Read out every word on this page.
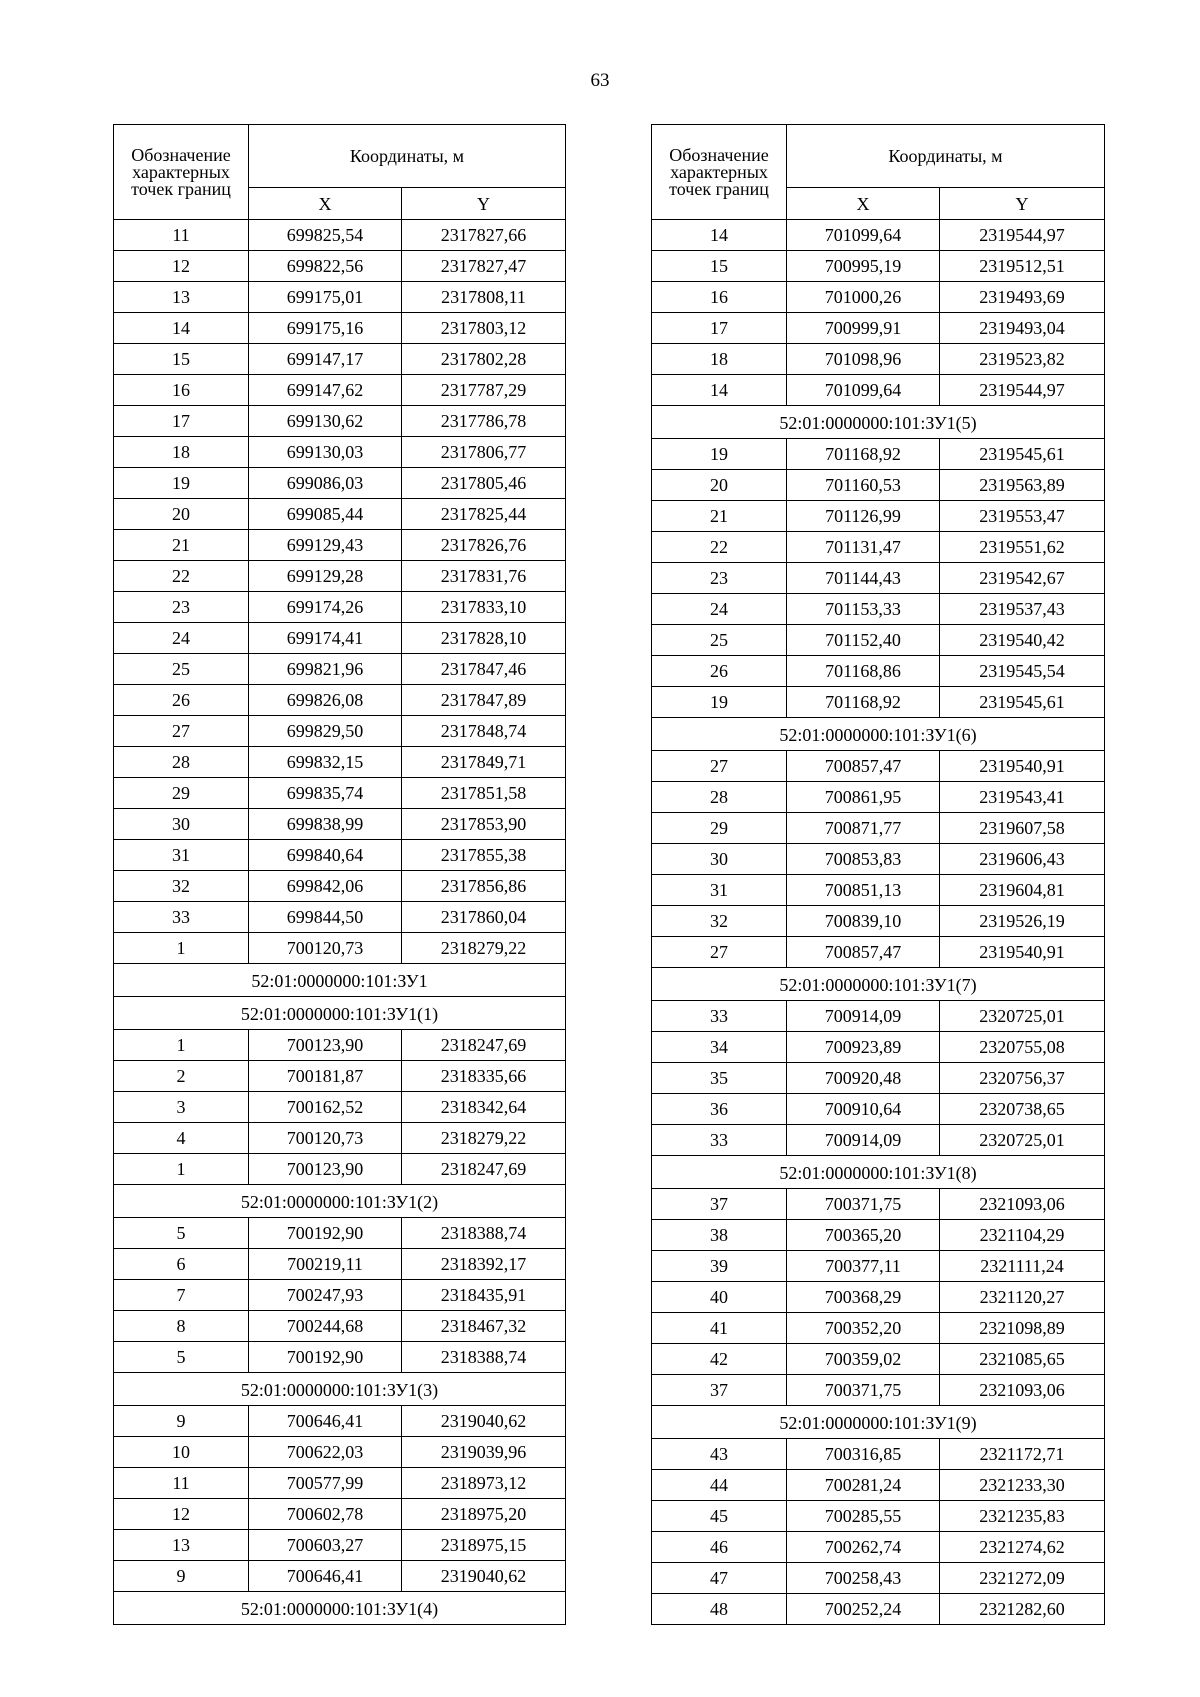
63
Обозначение характерных точек границ	Координаты, м	
	X	Y
11	699825,54	2317827,66
12	699822,56	2317827,47
13	699175,01	2317808,11
14	699175,16	2317803,12
15	699147,17	2317802,28
16	699147,62	2317787,29
17	699130,62	2317786,78
18	699130,03	2317806,77
19	699086,03	2317805,46
20	699085,44	2317825,44
21	699129,43	2317826,76
22	699129,28	2317831,76
23	699174,26	2317833,10
24	699174,41	2317828,10
25	699821,96	2317847,46
26	699826,08	2317847,89
27	699829,50	2317848,74
28	699832,15	2317849,71
29	699835,74	2317851,58
30	699838,99	2317853,90
31	699840,64	2317855,38
32	699842,06	2317856,86
33	699844,50	2317860,04
1	700120,73	2318279,22
52:01:0000000:101:ЗУ1		
52:01:0000000:101:ЗУ1(1)		
1	700123,90	2318247,69
2	700181,87	2318335,66
3	700162,52	2318342,64
4	700120,73	2318279,22
1	700123,90	2318247,69
52:01:0000000:101:ЗУ1(2)		
5	700192,90	2318388,74
6	700219,11	2318392,17
7	700247,93	2318435,91
8	700244,68	2318467,32
5	700192,90	2318388,74
52:01:0000000:101:ЗУ1(3)		
9	700646,41	2319040,62
10	700622,03	2319039,96
11	700577,99	2318973,12
12	700602,78	2318975,20
13	700603,27	2318975,15
9	700646,41	2319040,62
52:01:0000000:101:ЗУ1(4)		
Обозначение характерных точек границ	Координаты, м	
	X	Y
14	701099,64	2319544,97
15	700995,19	2319512,51
16	701000,26	2319493,69
17	700999,91	2319493,04
18	701098,96	2319523,82
14	701099,64	2319544,97
52:01:0000000:101:ЗУ1(5)		
19	701168,92	2319545,61
20	701160,53	2319563,89
21	701126,99	2319553,47
22	701131,47	2319551,62
23	701144,43	2319542,67
24	701153,33	2319537,43
25	701152,40	2319540,42
26	701168,86	2319545,54
19	701168,92	2319545,61
52:01:0000000:101:ЗУ1(6)		
27	700857,47	2319540,91
28	700861,95	2319543,41
29	700871,77	2319607,58
30	700853,83	2319606,43
31	700851,13	2319604,81
32	700839,10	2319526,19
27	700857,47	2319540,91
52:01:0000000:101:ЗУ1(7)		
33	700914,09	2320725,01
34	700923,89	2320755,08
35	700920,48	2320756,37
36	700910,64	2320738,65
33	700914,09	2320725,01
52:01:0000000:101:ЗУ1(8)		
37	700371,75	2321093,06
38	700365,20	2321104,29
39	700377,11	2321111,24
40	700368,29	2321120,27
41	700352,20	2321098,89
42	700359,02	2321085,65
37	700371,75	2321093,06
52:01:0000000:101:ЗУ1(9)		
43	700316,85	2321172,71
44	700281,24	2321233,30
45	700285,55	2321235,83
46	700262,74	2321274,62
47	700258,43	2321272,09
48	700252,24	2321282,60
